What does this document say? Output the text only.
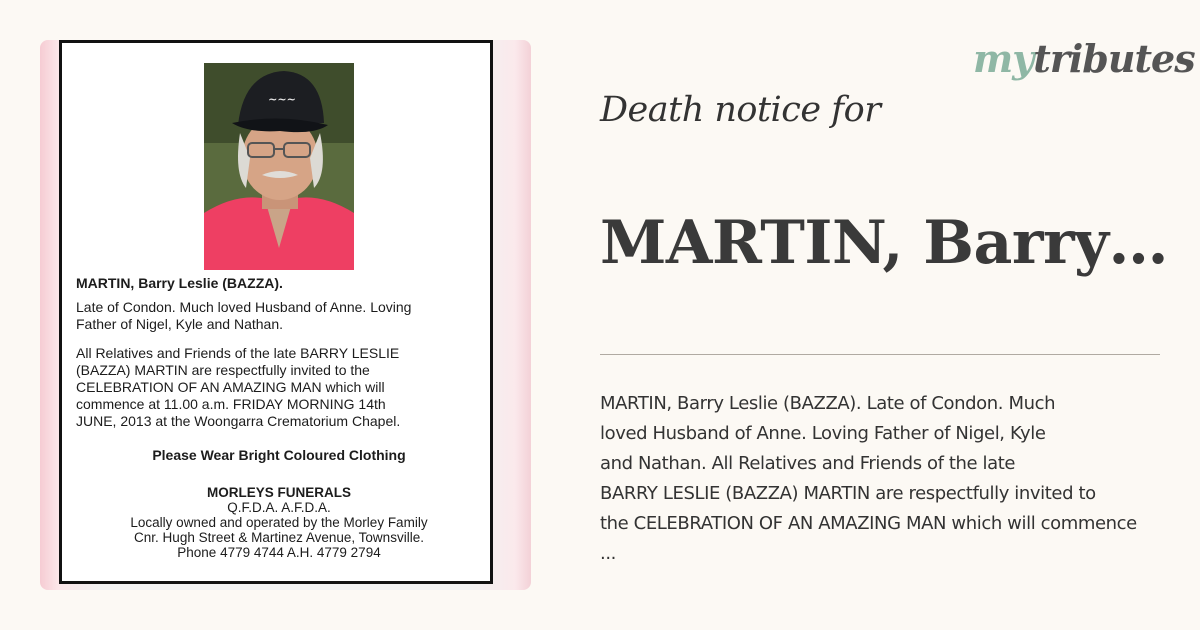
~~~
MARTIN, Barry Leslie (BAZZA).
Late of Condon. Much loved Husband of Anne. Loving
Father of Nigel, Kyle and Nathan.
All Relatives and Friends of the late BARRY LESLIE
(BAZZA) MARTIN are respectfully invited to the
CELEBRATION OF AN AMAZING MAN which will
commence at 11.00 a.m. FRIDAY MORNING 14th
JUNE, 2013 at the Woongarra Crematorium Chapel.
Please Wear Bright Coloured Clothing
MORLEYS FUNERALS
Q.F.D.A. A.F.D.A.
Locally owned and operated by the Morley Family
Cnr. Hugh Street & Martinez Avenue, Townsville.
Phone 4779 4744 A.H. 4779 2794
mytributes
Death notice for
MARTIN, Barry…
MARTIN, Barry Leslie (BAZZA). Late of Condon. Much
loved Husband of Anne. Loving Father of Nigel, Kyle
and Nathan. All Relatives and Friends of the late
BARRY LESLIE (BAZZA) MARTIN are respectfully invited to
the CELEBRATION OF AN AMAZING MAN which will commence
...
